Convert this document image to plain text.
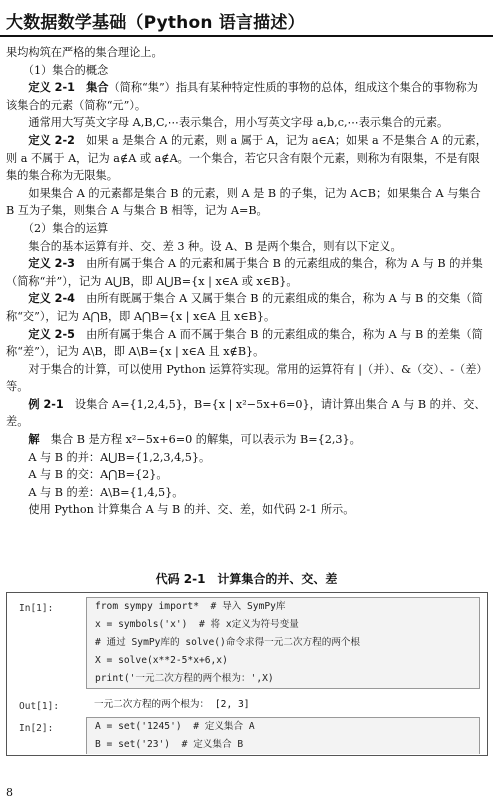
大数据数学基础（Python 语言描述）

果均构筑在严格的集合理论上。

（1）集合的概念

定义 2-1　 集合（简称“集”）指具有某种特定性质的事物的总体，组成这个集合的事物称为该集合的元素（简称“元”）。

通常用大写英文字母 A,B,C,⋯表示集合，用小写英文字母 a,b,c,⋯表示集合的元素。

定义 2-2　 如果 a 是集合 A 的元素，则 a 属于 A，记为 a∈A；如果 a 不是集合 A 的元素，则 a 不属于 A，记为 a∉A 或 a∉A。一个集合，若它只含有限个元素，则称为有限集，不是有限集的集合称为无限集。

如果集合 A 的元素都是集合 B 的元素，则 A 是 B 的子集，记为 A⊂B；如果集合 A 与集合 B 互为子集，则集合 A 与集合 B 相等，记为 A=B。

（2）集合的运算

集合的基本运算有并、交、差 3 种。设 A、B 是两个集合，则有以下定义。

定义 2-3　 由所有属于集合 A 的元素和属于集合 B 的元素组成的集合，称为 A 与 B 的并集（简称“并”），记为 A⋃B，即 A⋃B={x | x∈A 或 x∈B}。

定义 2-4　 由所有既属于集合 A 又属于集合 B 的元素组成的集合，称为 A 与 B 的交集（简称“交”），记为 A⋂B，即 A⋂B={x | x∈A 且 x∈B}。

定义 2-5　 由所有属于集合 A 而不属于集合 B 的元素组成的集合，称为 A 与 B 的差集（简称“差”），记为 A\B，即 A\B={x | x∈A 且 x∉B}。

对于集合的计算，可以使用 Python 运算符实现。常用的运算符有 |（并）、&（交）、-（差）等。

例 2-1　 设集合 A={1,2,4,5}，B={x | x²−5x+6=0}，请计算出集合 A 与 B 的并、交、差。

解　 集合 B 是方程 x²−5x+6=0 的解集，可以表示为 B={2,3}。

A 与 B 的并：A⋃B={1,2,3,4,5}。

A 与 B 的交：A⋂B={2}。

A 与 B 的差：A\B={1,4,5}。

使用 Python 计算集合 A 与 B 的并、交、差，如代码 2-1 所示。

代码 2-1　计算集合的并、交、差
In[1]:	from sympy import*  # 导入 SymPy库
x = symbols('x')  # 将 x定义为符号变量
# 通过 SymPy库的 solve()命令求得一元二次方程的两个根
X = solve(x**2-5*x+6,x)
print('一元二次方程的两个根为：',X)
Out[1]:	一元二次方程的两个根为： [2, 3]
In[2]:	A = set('1245')  # 定义集合 A
B = set('23')  # 定义集合 B
8
